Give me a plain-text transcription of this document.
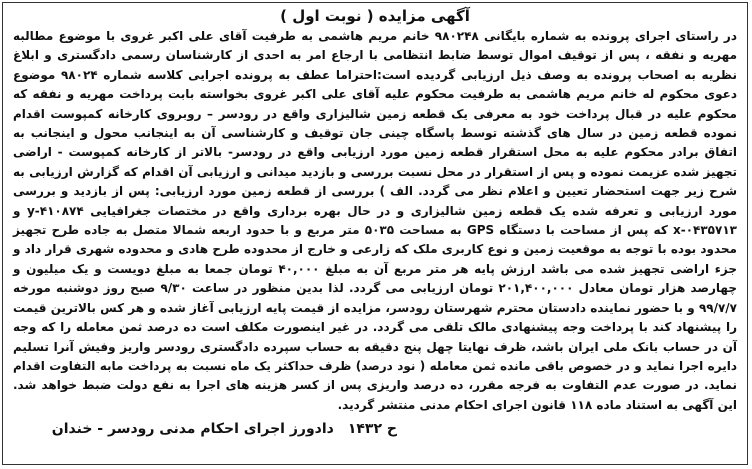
آگهی مزایده ( نوبت اول )

در راستای اجرای پرونده به شماره بایگانی ۹۸۰۲۴۸ خانم مریم هاشمی به طرفیت آقای علی اکبر غروی با موضوع مطالبه مهریه و نفقه ، پس از توقیف اموال توسط ضابط انتظامی با ارجاع امر به احدی از کارشناسان رسمی دادگستری و ابلاغ نظریه به اصحاب پرونده به وصف ذیل ارزیابی گردیده است:احتراما عطف به پرونده اجرایی کلاسه شماره ۹۸۰۲۴ موضوع دعوی محکوم له خانم مریم هاشمی به طرفیت محکوم علیه آقای علی اکبر غروی بخواسته بابت پرداخت مهریه و نفقه که محکوم علیه در قبال پرداخت خود به معرفی یک قطعه زمین شالیزاری واقع در رودسر – روبروی کارخانه کمپوست اقدام نموده قطعه زمین در سال های گذشته توسط پاسگاه چینی جان توقیف و کارشناسی آن به اینجانب محول و اینجانب به اتفاق برادر محکوم علیه به محل استقرار قطعه زمین مورد ارزیابی واقع در رودسر- بالاتر از کارخانه کمپوست - اراضی تجهیز شده عزیمت نموده و پس از استقرار در محل نسبت بررسی و بازدید میدانی و ارزیابی آن اقدام که گزارش ارزیابی به شرح زیر جهت استحضار تعیین و اعلام نظر می گردد. الف ) بررسی از قطعه زمین مورد ارزیابی: پس از بازدید و بررسی مورد ارزیابی و تعرفه شده یک قطعه زمین شالیزاری و در حال بهره برداری واقع در مختصات جغرافیایی y-۴۱۰۸۷۴ و x-۰۴۳۵۷۱۳ که پس از مساحت با دستگاه GPS به مساحت ۵۰۳۵ متر مربع و با حدود اربعه شمالا متصل به جاده طرح تجهیز محدود بوده با توجه به موقعیت زمین و نوع کاربری ملک که زارعی و خارج از محدوده طرح هادی و محدوده شهری قرار داد و جزء اراضی تجهیز شده می باشد ارزش پایه هر متر مربع آن به مبلغ ۴۰,۰۰۰ تومان جمعا به مبلغ دویست و یک میلیون و چهارصد هزار تومان معادل ۲۰۱,۴۰۰,۰۰۰ تومان ارزیابی می گردد. لذا بدین منظور در ساعت ۹/۳۰ صبح روز دوشنبه مورخه ۹۹/۷/۷ و با حضور نماینده دادستان محترم شهرستان رودسر، مزایده از قیمت پایه ارزیابی آغاز شده و هر کس بالاترین قیمت را پیشنهاد کند با پرداخت وجه پیشنهادی مالک تلقی می گردد. در غیر اینصورت مکلف است ده درصد ثمن معامله را که وجه آن در حساب بانک ملی ایران باشد، ظرف نهایتا چهل پنج دقیقه به حساب سپرده دادگستری رودسر واریز وفیش آنرا تسلیم دایره اجرا نماید و در خصوص باقی مانده ثمن معامله ( نود درصد) ظرف حداکثر یک ماه نسبت به پرداخت مابه التفاوت اقدام نماید. در صورت عدم التفاوت به فرجه مقرر، ده درصد واریزی پس از کسر هزینه های اجرا به نفع دولت ضبط خواهد شد. این آگهی به استناد ماده ۱۱۸ قانون اجرای احکام مدنی منتشر گردید.

ح ۱۴۳۲
دادورز اجرای احکام مدنی رودسر - خندان
